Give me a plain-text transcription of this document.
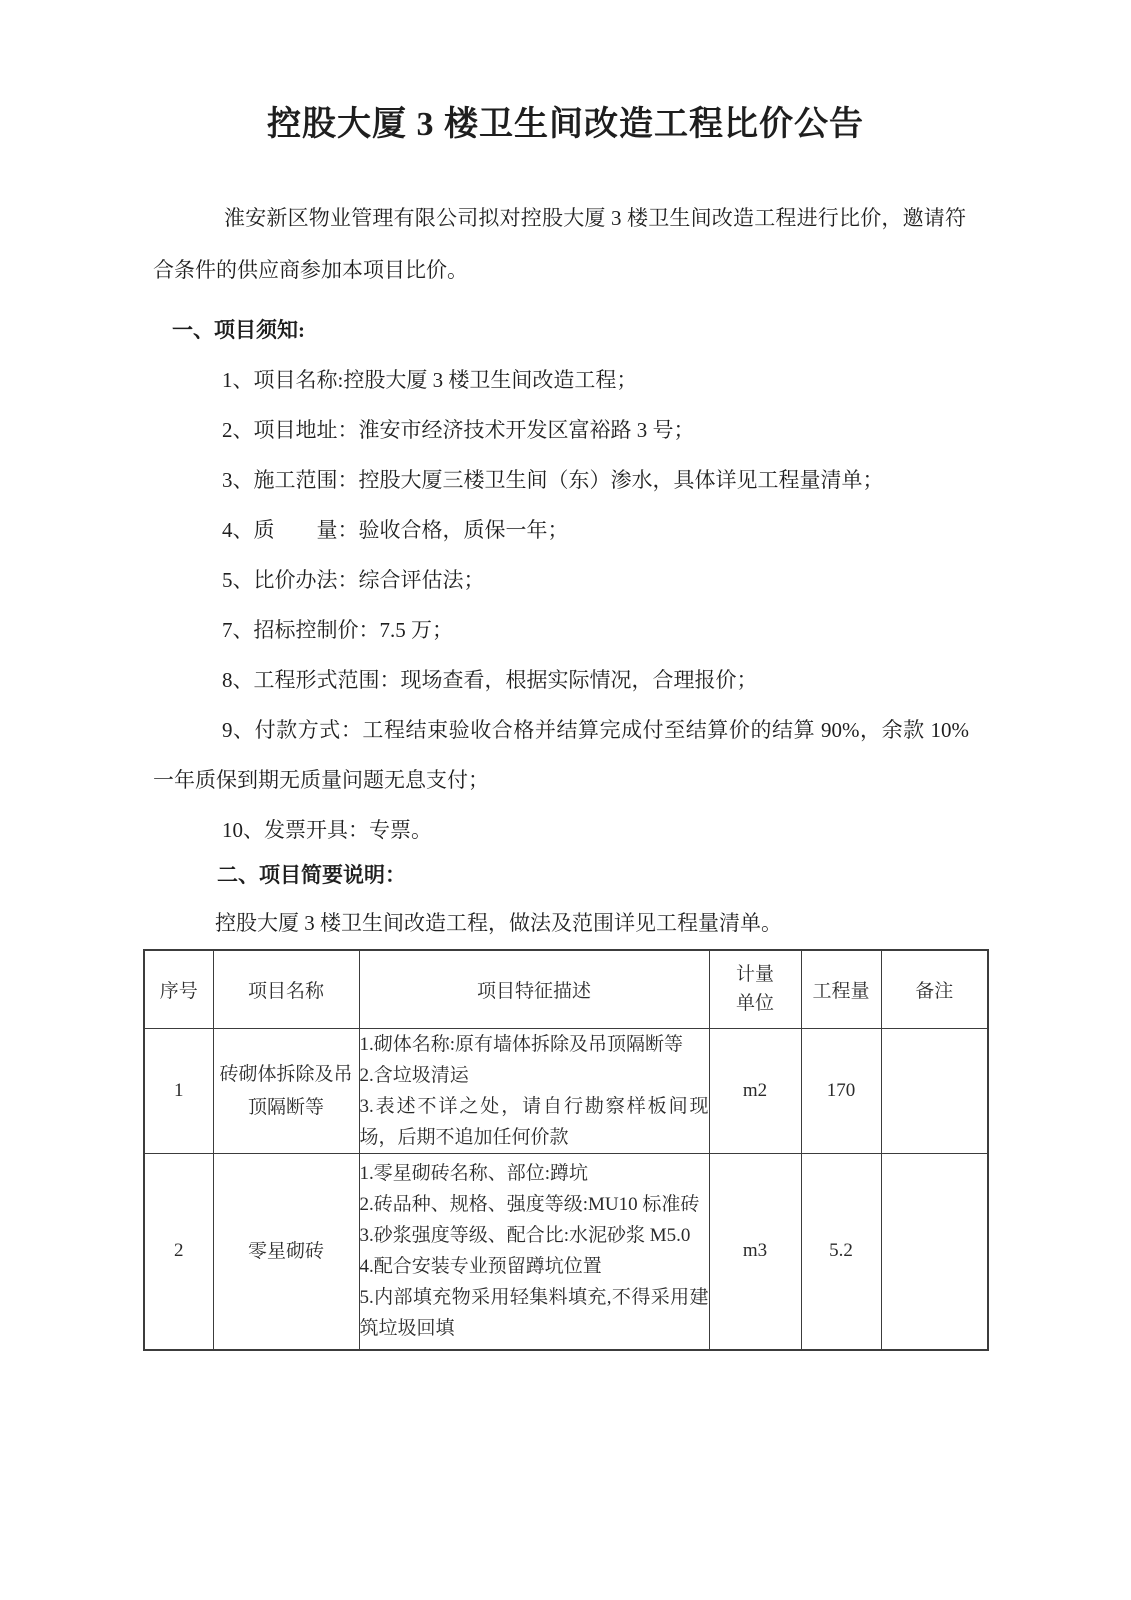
控股大厦 3 楼卫生间改造工程比价公告

淮安新区物业管理有限公司拟对控股大厦 3 楼卫生间改造工程进行比价，邀请符合条件的供应商参加本项目比价。

一、项目须知:

1、项目名称:控股大厦 3 楼卫生间改造工程；

2、项目地址：淮安市经济技术开发区富裕路 3 号；

3、施工范围：控股大厦三楼卫生间（东）渗水，具体详见工程量清单；

4、质　　量：验收合格，质保一年；

5、比价办法：综合评估法；

7、招标控制价：7.5 万；

8、工程形式范围：现场查看，根据实际情况，合理报价；

9、付款方式：工程结束验收合格并结算完成付至结算价的结算 90%，余款 10%一年质保到期无质量问题无息支付；

10、发票开具：专票。

二、项目简要说明：

控股大厦 3 楼卫生间改造工程，做法及范围详见工程量清单。

序号	项目名称	项目特征描述	计量单位	工程量	备注
1	砖砌体拆除及吊顶隔断等	1.砌体名称:原有墙体拆除及吊顶隔断等
2.含垃圾清运
3.表述不详之处，请自行勘察样板间现场，后期不追加任何价款	m2	170	
2	零星砌砖	1.零星砌砖名称、部位:蹲坑
2.砖品种、规格、强度等级:MU10 标准砖
3.砂浆强度等级、配合比:水泥砂浆 M5.0
4.配合安装专业预留蹲坑位置
5.内部填充物采用轻集料填充,不得采用建筑垃圾回填	m3	5.2	
